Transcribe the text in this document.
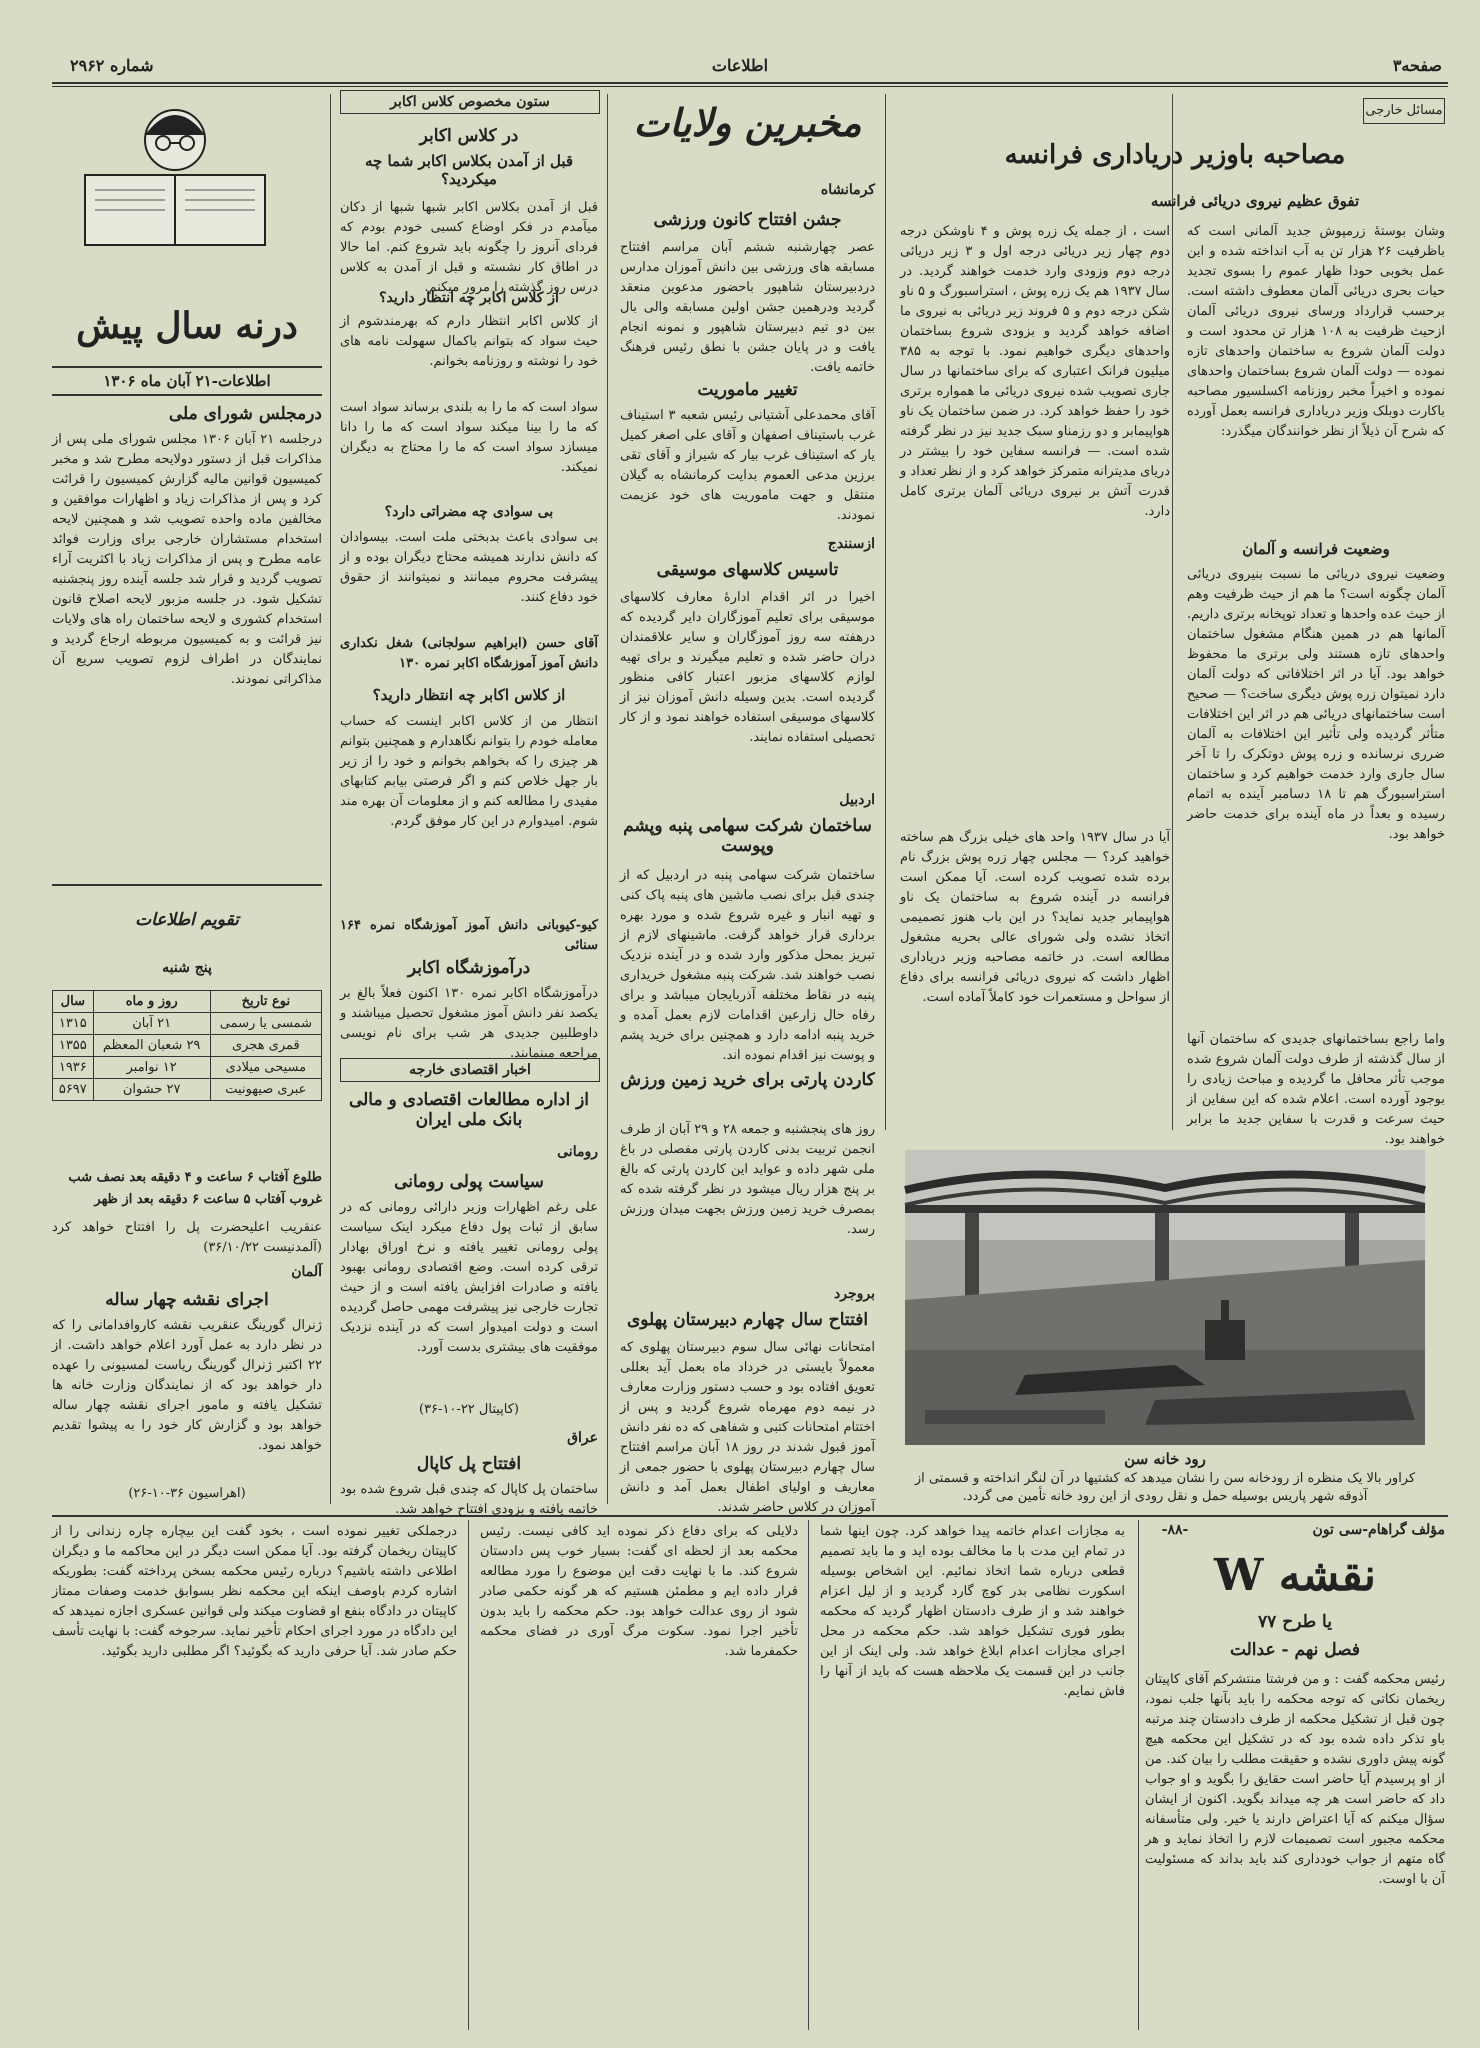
صفحه۳
اطلاعات
شماره ۲۹۶۲
مسائل خارجی
مصاحبه باوزیر دریاداری فرانسه
تفوق عظیم نیروی دریائی فرانسه
وشان بوستهٔ زرمپوش جدید آلمانی است که باظرفیت ۲۶ هزار تن به آب انداخته شده و این عمل بخوبی حودا ظهار عموم را بسوی تجدید حیات بحری دریائی آلمان معطوف داشته است. برحسب قرارداد ورسای نیروی دریائی آلمان ازحیث ظرفیت به ۱۰۸ هزار تن محدود است و دولت آلمان شروع به ساختمان واحدهای تازه نموده — دولت آلمان شروع بساختمان واحدهای نموده و اخیراً مخبر روزنامه اکسلسیور مصاحبه باکارت دوبلک وزیر دریاداری فرانسه بعمل آورده که شرح آن ذیلاً از نظر خوانندگان میگذرد:
وضعیت فرانسه و آلمان
وضعیت نیروی دریائی ما نسبت بنیروی دریائی آلمان چگونه است؟ ما هم از حیث ظرفیت وهم از حیث عده واحدها و تعداد توپخانه برتری داریم. آلمانها هم در همین هنگام مشغول ساختمان واحدهای تازه هستند ولی برتری ما محفوظ خواهد بود. آیا در اثر اختلافاتی که دولت آلمان دارد نمیتوان زره پوش دیگری ساخت؟ — صحیح است ساختمانهای دریائی هم در اثر این اختلافات متأثر گردیده ولی تأثیر این اختلافات به آلمان ضرری نرسانده و زره پوش دوتکرک را تا آخر سال جاری وارد خدمت خواهیم کرد و ساختمان استراسبورگ هم تا ۱۸ دسامبر آینده به اتمام رسیده و بعداً در ماه آینده برای خدمت حاضر خواهد بود.
واما راجع بساختمانهای جدیدی که ساختمان آنها از سال گذشته از طرف دولت آلمان شروع شده موجب تأثر محافل ما گردیده و مباحث زیادی را بوجود آورده است. اعلام شده که این سفاین از حیث سرعت و قدرت با سفاین جدید ما برابر خواهند بود.
است ، از جمله یک زره پوش و ۴ ناوشکن درجه دوم چهار زیر دریائی درجه اول و ۳ زیر دریائی درجه دوم وزودی وارد خدمت خواهند گردید. در سال ۱۹۳۷ هم یک زره پوش ، استراسبورگ و ۵ ناو شکن درجه دوم و ۵ فروند زیر دریائی به نیروی ما اضافه خواهد گردید و بزودی شروع بساختمان واحدهای دیگری خواهیم نمود. با توجه به ۳۸۵ میلیون فرانک اعتباری که برای ساختمانها در سال جاری تصویب شده نیروی دریائی ما همواره برتری خود را حفظ خواهد کرد. در ضمن ساختمان یک ناو هواپیمابر و دو رزمناو سبک جدید نیز در نظر گرفته شده است. — فرانسه سفاین خود را بیشتر در دریای مدیترانه متمرکز خواهد کرد و از نظر تعداد و قدرت آتش بر نیروی دریائی آلمان برتری کامل دارد.
آیا در سال ۱۹۳۷ واحد های خیلی بزرگ هم ساخته خواهید کرد؟ — مجلس چهار زره پوش بزرگ نام برده شده تصویب کرده است. آیا ممکن است فرانسه در آینده شروع به ساختمان یک ناو هواپیمابر جدید نماید؟ در این باب هنوز تصمیمی اتخاذ نشده ولی شورای عالی بحریه مشغول مطالعه است. در خاتمه مصاحبه وزیر دریاداری اظهار داشت که نیروی دریائی فرانسه برای دفاع از سواحل و مستعمرات خود کاملاً آماده است.
رود خانه سن
کراور بالا یک منظره از رودخانه سن را نشان میدهد که کشتیها در آن لنگر انداخته و قسمتی از آذوقه شهر پاریس بوسیله حمل و نقل رودی از این رود خانه تأمین می گردد.
مخبرین ولایات
کرمانشاه
جشن افتتاح کانون ورزشی
عصر چهارشنبه ششم آبان مراسم افتتاح مسابقه های ورزشی بین دانش آموزان مدارس دردبیرستان شاهپور باحضور مدعوین منعقد گردید ودرهمین جشن اولین مسابقه والی بال بین دو تیم دبیرستان شاهپور و نمونه انجام یافت و در پایان جشن با نطق رئیس فرهنگ خاتمه یافت.
تغییر ماموریت
آقای محمدعلی آشتیانی رئیس شعبه ۳ استیناف غرب باستیناف اصفهان و آقای علی اصغر کمیل یار که استیناف غرب بیار که شیراز و آقای تقی برزین مدعی العموم بدایت کرمانشاه به گیلان منتقل و جهت ماموریت های خود عزیمت نمودند.
ازسنندج
تاسیس کلاسهای موسیقی
اخیرا در اثر اقدام ادارهٔ معارف کلاسهای موسیقی برای تعلیم آموزگاران دایر گردیده که درهفته سه روز آموزگاران و سایر علاقمندان دران حاضر شده و تعلیم میگیرند و برای تهیه لوازم کلاسهای مزبور اعتبار کافی منظور گردیده است. بدین وسیله دانش آموزان نیز از کلاسهای موسیقی استفاده خواهند نمود و از کار تحصیلی استفاده نمایند.
اردبیل
ساختمان شرکت سهامی پنبه وپشم وپوست
ساختمان شرکت سهامی پنبه در اردبیل که از چندی قبل برای نصب ماشین های پنبه پاک کنی و تهیه انبار و غیره شروع شده و مورد بهره برداری قرار خواهد گرفت. ماشینهای لازم از تبریز بمحل مذکور وارد شده و در آینده نزدیک نصب خواهند شد. شرکت پنبه مشغول خریداری پنبه در نقاط مختلفه آذربایجان میباشد و برای رفاه حال زارعین اقدامات لازم بعمل آمده و خرید پنبه ادامه دارد و همچنین برای خرید پشم و پوست نیز اقدام نموده اند.
کاردن پارتی برای خرید زمین ورزش
روز های پنجشنبه و جمعه ۲۸ و ۲۹ آبان از طرف انجمن تربیت بدنی کاردن پارتی مفصلی در باغ ملی شهر داده و عواید این کاردن پارتی که بالغ بر پنج هزار ریال میشود در نظر گرفته شده که بمصرف خرید زمین ورزش بجهت میدان ورزش رسد.
بروجرد
افتتاح سال چهارم دبیرستان پهلوی
امتحانات نهائی سال سوم دبیرستان پهلوی که معمولاً بایستی در خرداد ماه بعمل آید بعللی تعویق افتاده بود و حسب دستور وزارت معارف در نیمه دوم مهرماه شروع گردید و پس از اختتام امتحانات کتبی و شفاهی که ده نفر دانش آموز قبول شدند در روز ۱۸ آبان مراسم افتتاح سال چهارم دبیرستان پهلوی با حضور جمعی از معاریف و اولیای اطفال بعمل آمد و دانش آموزان در کلاس حاضر شدند.
ستون مخصوص کلاس اکابر
در کلاس اکابر
قبل از آمدن بکلاس اکابر شما چه میکردید؟
قبل از آمدن بکلاس اکابر شبها شبها از دکان میآمدم در فکر اوضاع کسبی خودم بودم که فردای آنروز را چگونه باید شروع کنم. اما حالا در اطاق کار نشسته و قبل از آمدن به کلاس درس روز گذشته را مرور میکنم.
از کلاس اکابر چه انتظار دارید؟
از کلاس اکابر انتظار دارم که بهرمندشوم از حیث سواد که بتوانم باکمال سهولت نامه های خود را نوشته و روزنامه بخوانم.
سواد است که ما را به بلندی برساند سواد است که ما را بینا میکند سواد است که ما را دانا میسازد سواد است که ما را محتاج به دیگران نمیکند.
بی سوادی چه مضراتی دارد؟
بی سوادی باعث بدبختی ملت است. بیسوادان که دانش ندارند همیشه محتاج دیگران بوده و از پیشرفت محروم میمانند و نمیتوانند از حقوق خود دفاع کنند.
آقای حسن (ابراهیم سولجانی) شغل نکداری دانش آموز آموزشگاه اکابر نمره ۱۳۰
از کلاس اکابر چه انتظار دارید؟
انتظار من از کلاس اکابر اینست که حساب معامله خودم را بتوانم نگاهدارم و همچنین بتوانم هر چیزی را که بخواهم بخوانم و خود را از زیر بار جهل خلاص کنم و اگر فرصتی بیابم کتابهای مفیدی را مطالعه کنم و از معلومات آن بهره مند شوم. امیدوارم در این کار موفق گردم.
کیو-کیوبانی دانش آموز آموزشگاه نمره ۱۶۴ سنائی
درآموزشگاه اکابر
درآموزشگاه اکابر نمره ۱۳۰ اکنون فعلاً بالغ بر یکصد نفر دانش آموز مشغول تحصیل میباشند و داوطلبین جدیدی هر شب برای نام نویسی مراجعه مینمایند.
اخبار اقتصادی خارجه
از اداره مطالعات اقتصادی و مالی بانک ملی ایران
رومانی
سیاست پولی رومانی
علی رغم اظهارات وزیر دارائی رومانی که در سابق از ثبات پول دفاع میکرد اینک سیاست پولی رومانی تغییر یافته و نرخ اوراق بهادار ترقی کرده است. وضع اقتصادی رومانی بهبود یافته و صادرات افزایش یافته است و از حیث تجارت خارجی نیز پیشرفت مهمی حاصل گردیده است و دولت امیدوار است که در آینده نزدیک موفقیت های بیشتری بدست آورد.
(کاپیتال ۲۲-۱۰-۳۶)
عراق
افتتاح پل کاپال
ساختمان پل کاپال که چندی قبل شروع شده بود خاتمه یافته و بزودی افتتاح خواهد شد.
درنه سال پیش
اطلاعات-۲۱ آبان ماه ۱۳۰۶
درمجلس شورای ملی
درجلسه ۲۱ آبان ۱۳۰۶ مجلس شورای ملی پس از مذاکرات قبل از دستور دولایحه مطرح شد و مخبر کمیسیون قوانین مالیه گزارش کمیسیون را قرائت کرد و پس از مذاکرات زیاد و اظهارات موافقین و مخالفین ماده واحده تصویب شد و همچنین لایحه استخدام مستشاران خارجی برای وزارت فوائد عامه مطرح و پس از مذاکرات زیاد با اکثریت آراء تصویب گردید و قرار شد جلسه آینده روز پنجشنبه تشکیل شود. در جلسه مزبور لایحه اصلاح قانون استخدام کشوری و لایحه ساختمان راه های ولایات نیز قرائت و به کمیسیون مربوطه ارجاع گردید و نمایندگان در اطراف لزوم تصویب سریع آن مذاکراتی نمودند.
تقویم اطلاعات
پنج شنبه
نوع تاریخ	روز و ماه	سال
شمسی یا رسمی	۲۱ آبان	۱۳۱۵
قمری هجری	۲۹ شعبان المعظم	۱۳۵۵
مسیحی میلادی	۱۲ نوامبر	۱۹۳۶
عبری صیهونیت	۲۷ حشوان	۵۶۹۷
طلوع آفتاب ۶ ساعت و ۴ دقیقه بعد نصف شب
غروب آفتاب ۵ ساعت ۶ دقیقه بعد از ظهر
عنقریب اعلیحضرت پل را افتتاح خواهد کرد (آلمدنیست ۳۶/۱۰/۲۲)
آلمان
اجرای نقشه چهار ساله
ژنرال گورینگ عنقریب نقشه کاروافدامانی را که در نظر دارد به عمل آورد اعلام خواهد داشت. از ۲۲ اکتبر ژنرال گورینگ ریاست لمسیونی را عهده دار خواهد بود که از نمایندگان وزارت خانه ها تشکیل یافته و مامور اجرای نقشه چهار ساله خواهد بود و گزارش کار خود را به پیشوا تقدیم خواهد نمود.
(اهراسیون ۳۶-۱۰-۲۶)
مؤلف گراهام-سی تون
-۸۸-
نقشه W
یا طرح ۷۷
فصل نهم - عدالت
رئیس محکمه گفت : و من فرشتا منتشرکم آقای کاپیتان ریخمان نکاتی که توجه محکمه را باید بآنها جلب نمود، چون قبل از تشکیل محکمه از طرف دادستان چند مرتبه باو تذکر داده شده بود که در تشکیل این محکمه هیچ گونه پیش داوری نشده و حقیقت مطلب را بیان کند. من از او پرسیدم آیا حاضر است حقایق را بگوید و او جواب داد که حاضر است هر چه میداند بگوید. اکنون از ایشان سؤال میکنم که آیا اعتراض دارند یا خیر. ولی متأسفانه محکمه مجبور است تصمیمات لازم را اتخاذ نماید و هر گاه متهم از جواب خودداری کند باید بداند که مسئولیت آن با اوست.
به مجازات اعدام خاتمه پیدا خواهد کرد. چون اینها شما در تمام این مدت با ما مخالف بوده اید و ما باید تصمیم قطعی درباره شما اتخاذ نمائیم. این اشخاص بوسیله اسکورت نظامی بدر کوچ گارد گردید و از لیل اعزام خواهند شد و از طرف دادستان اظهار گردید که محکمه بطور فوری تشکیل خواهد شد. حکم محکمه در محل اجرای مجازات اعدام ابلاغ خواهد شد. ولی اینک از این جانب در این قسمت یک ملاحظه هست که باید از آنها را فاش نمایم.
دلایلی که برای دفاع ذکر نموده اید کافی نیست. رئیس محکمه بعد از لحظه ای گفت: بسیار خوب پس دادستان شروع کند. ما با نهایت دقت این موضوع را مورد مطالعه قرار داده ایم و مطمئن هستیم که هر گونه حکمی صادر شود از روی عدالت خواهد بود. حکم محکمه را باید بدون تأخیر اجرا نمود. سکوت مرگ آوری در فضای محکمه حکمفرما شد.
درجملکی تغییر نموده است ، بخود گفت این بیچاره چاره زندانی را از کاپیتان ریخمان گرفته بود. آیا ممکن است دیگر در این محاکمه ما و دیگران اطلاعی داشته باشیم؟ درباره رئیس محکمه بسخن پرداخته گفت: بطوریکه اشاره کردم باوصف اینکه این محکمه نظر بسوابق خدمت وصفات ممتاز کاپیتان در دادگاه بنفع او قضاوت میکند ولی قوانین عسکری اجازه نمیدهد که این دادگاه در مورد اجرای احکام تأخیر نماید. سرجوخه گفت: با نهایت تأسف حکم صادر شد. آیا حرفی دارید که بگوئید؟ اگر مطلبی دارید بگوئید.
